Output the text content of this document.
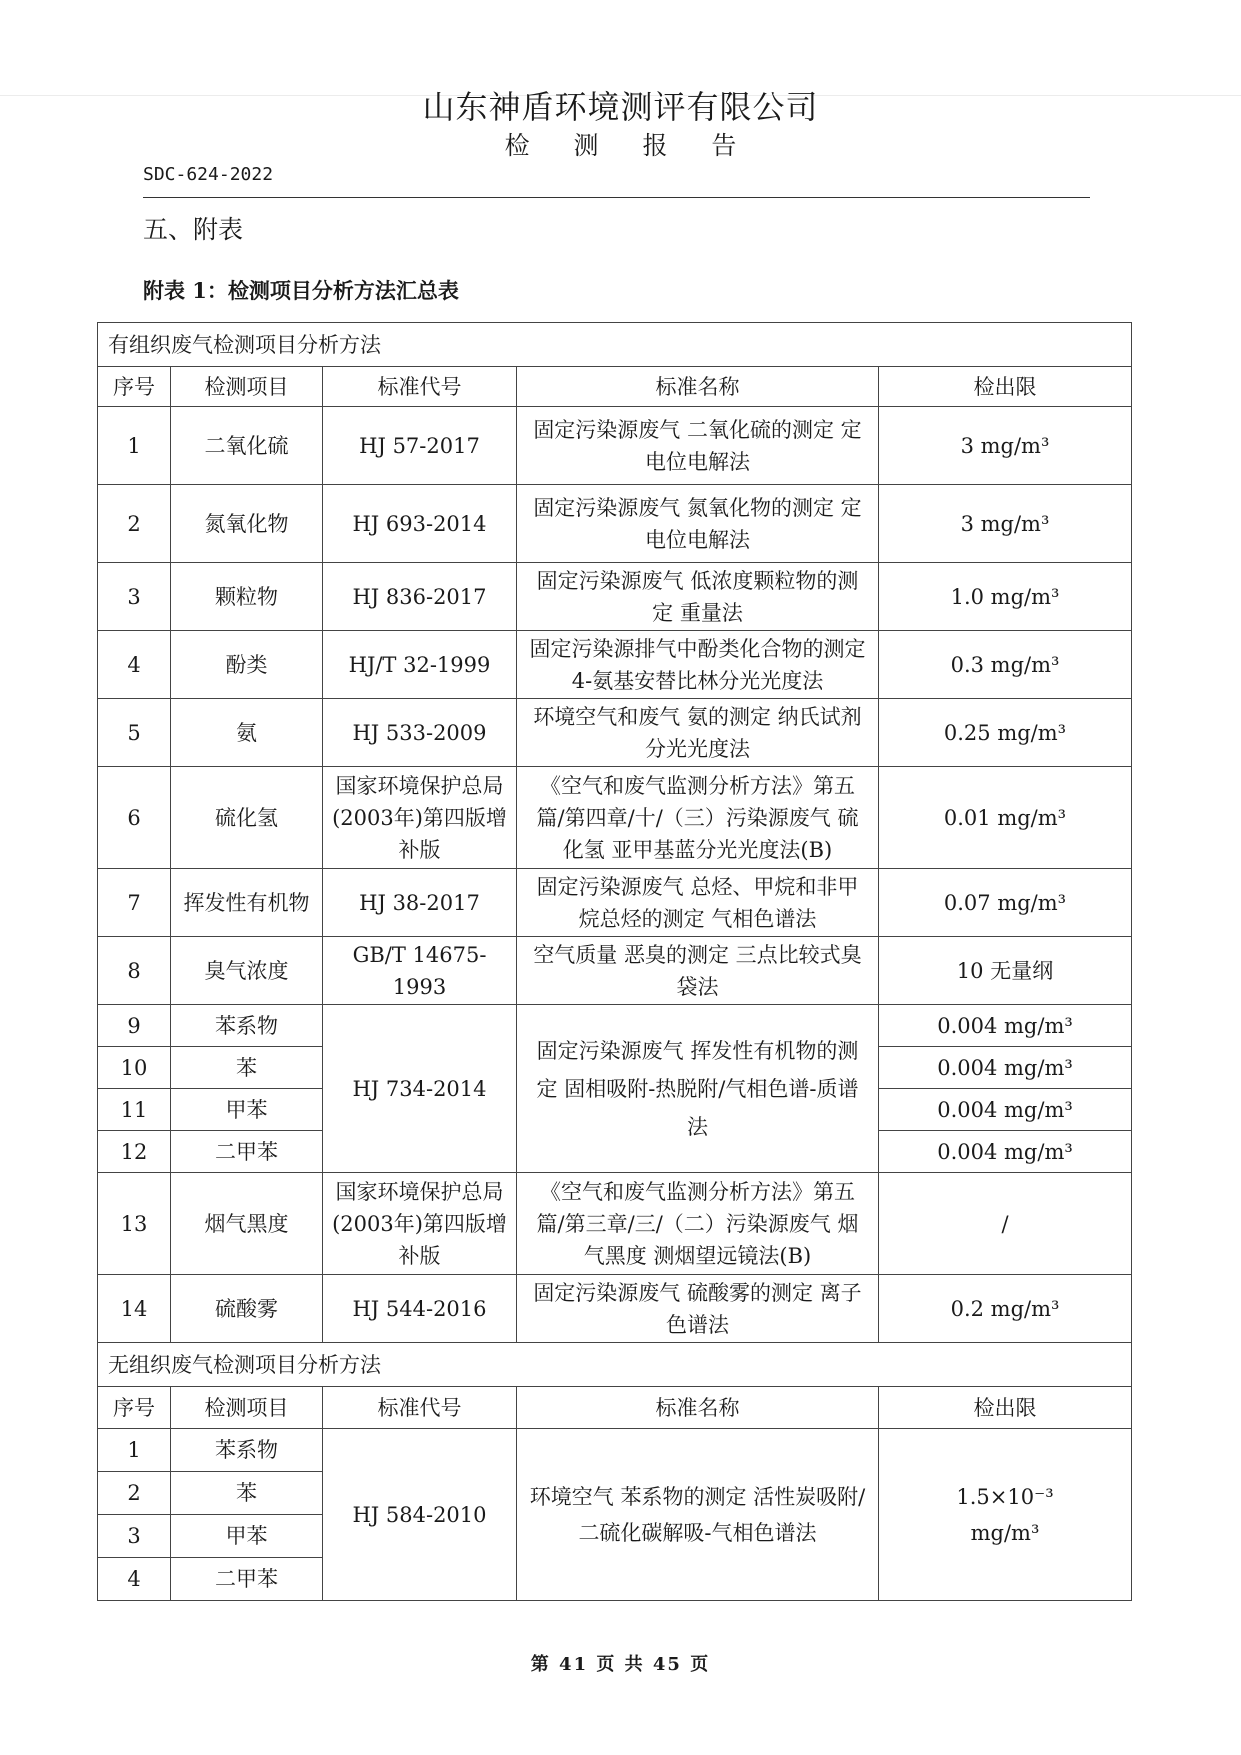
山东神盾环境测评有限公司
检 测 报 告
SDC-624-2022
五、附表
附表 1：检测项目分析方法汇总表
有组织废气检测项目分析方法				
序号	检测项目	标准代号	标准名称	检出限
1	二氧化硫	HJ 57-2017	固定污染源废气 二氧化硫的测定 定电位电解法	3 mg/m³
2	氮氧化物	HJ 693-2014	固定污染源废气 氮氧化物的测定 定电位电解法	3 mg/m³
3	颗粒物	HJ 836-2017	固定污染源废气 低浓度颗粒物的测定 重量法	1.0 mg/m³
4	酚类	HJ/T 32-1999	固定污染源排气中酚类化合物的测定 4-氨基安替比林分光光度法	0.3 mg/m³
5	氨	HJ 533-2009	环境空气和废气 氨的测定 纳氏试剂分光光度法	0.25 mg/m³
6	硫化氢	国家环境保护总局(2003年)第四版增补版	《空气和废气监测分析方法》第五篇/第四章/十/（三）污染源废气 硫化氢 亚甲基蓝分光光度法(B)	0.01 mg/m³
7	挥发性有机物	HJ 38-2017	固定污染源废气 总烃、甲烷和非甲烷总烃的测定 气相色谱法	0.07 mg/m³
8	臭气浓度	GB/T 14675-1993	空气质量 恶臭的测定 三点比较式臭袋法	10 无量纲
9	苯系物	HJ 734-2014	固定污染源废气 挥发性有机物的测定 固相吸附-热脱附/气相色谱-质谱法	0.004 mg/m³
10	苯			0.004 mg/m³
11	甲苯			0.004 mg/m³
12	二甲苯			0.004 mg/m³
13	烟气黑度	国家环境保护总局(2003年)第四版增补版	《空气和废气监测分析方法》第五篇/第三章/三/（二）污染源废气 烟气黑度 测烟望远镜法(B)	/
14	硫酸雾	HJ 544-2016	固定污染源废气 硫酸雾的测定 离子色谱法	0.2 mg/m³
无组织废气检测项目分析方法				
序号	检测项目	标准代号	标准名称	检出限
1	苯系物	HJ 584-2010	环境空气 苯系物的测定 活性炭吸附/二硫化碳解吸-气相色谱法	1.5×10⁻³ mg/m³
2	苯			
3	甲苯			
4	二甲苯			
第 41 页 共 45 页
